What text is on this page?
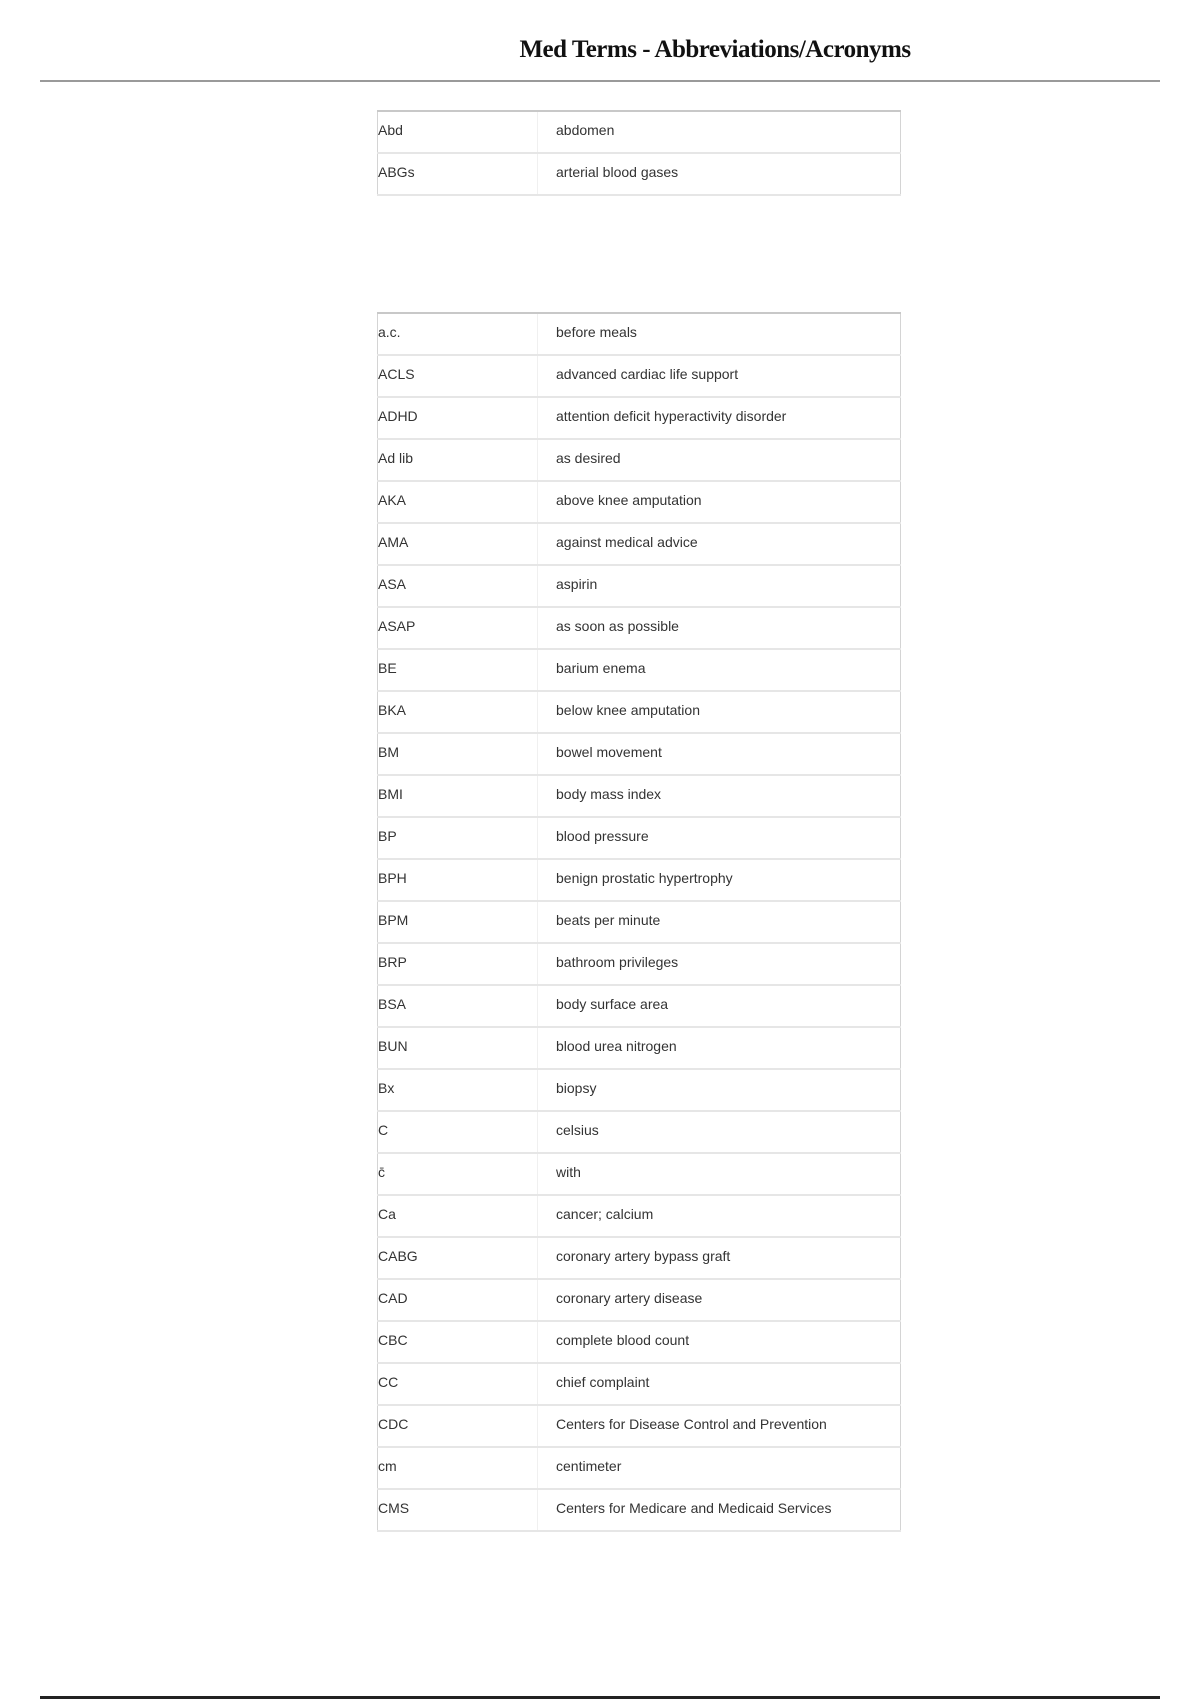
Med Terms - Abbreviations/Acronyms
Abd	abdomen
ABGs	arterial blood gases
a.c.	before meals
ACLS	advanced cardiac life support
ADHD	attention deficit hyperactivity disorder
Ad lib	as desired
AKA	above knee amputation
AMA	against medical advice
ASA	aspirin
ASAP	as soon as possible
BE	barium enema
BKA	below knee amputation
BM	bowel movement
BMI	body mass index
BP	blood pressure
BPH	benign prostatic hypertrophy
BPM	beats per minute
BRP	bathroom privileges
BSA	body surface area
BUN	blood urea nitrogen
Bx	biopsy
C	celsius
c̄	with
Ca	cancer; calcium
CABG	coronary artery bypass graft
CAD	coronary artery disease
CBC	complete blood count
CC	chief complaint
CDC	Centers for Disease Control and Prevention
cm	centimeter
CMS	Centers for Medicare and Medicaid Services
